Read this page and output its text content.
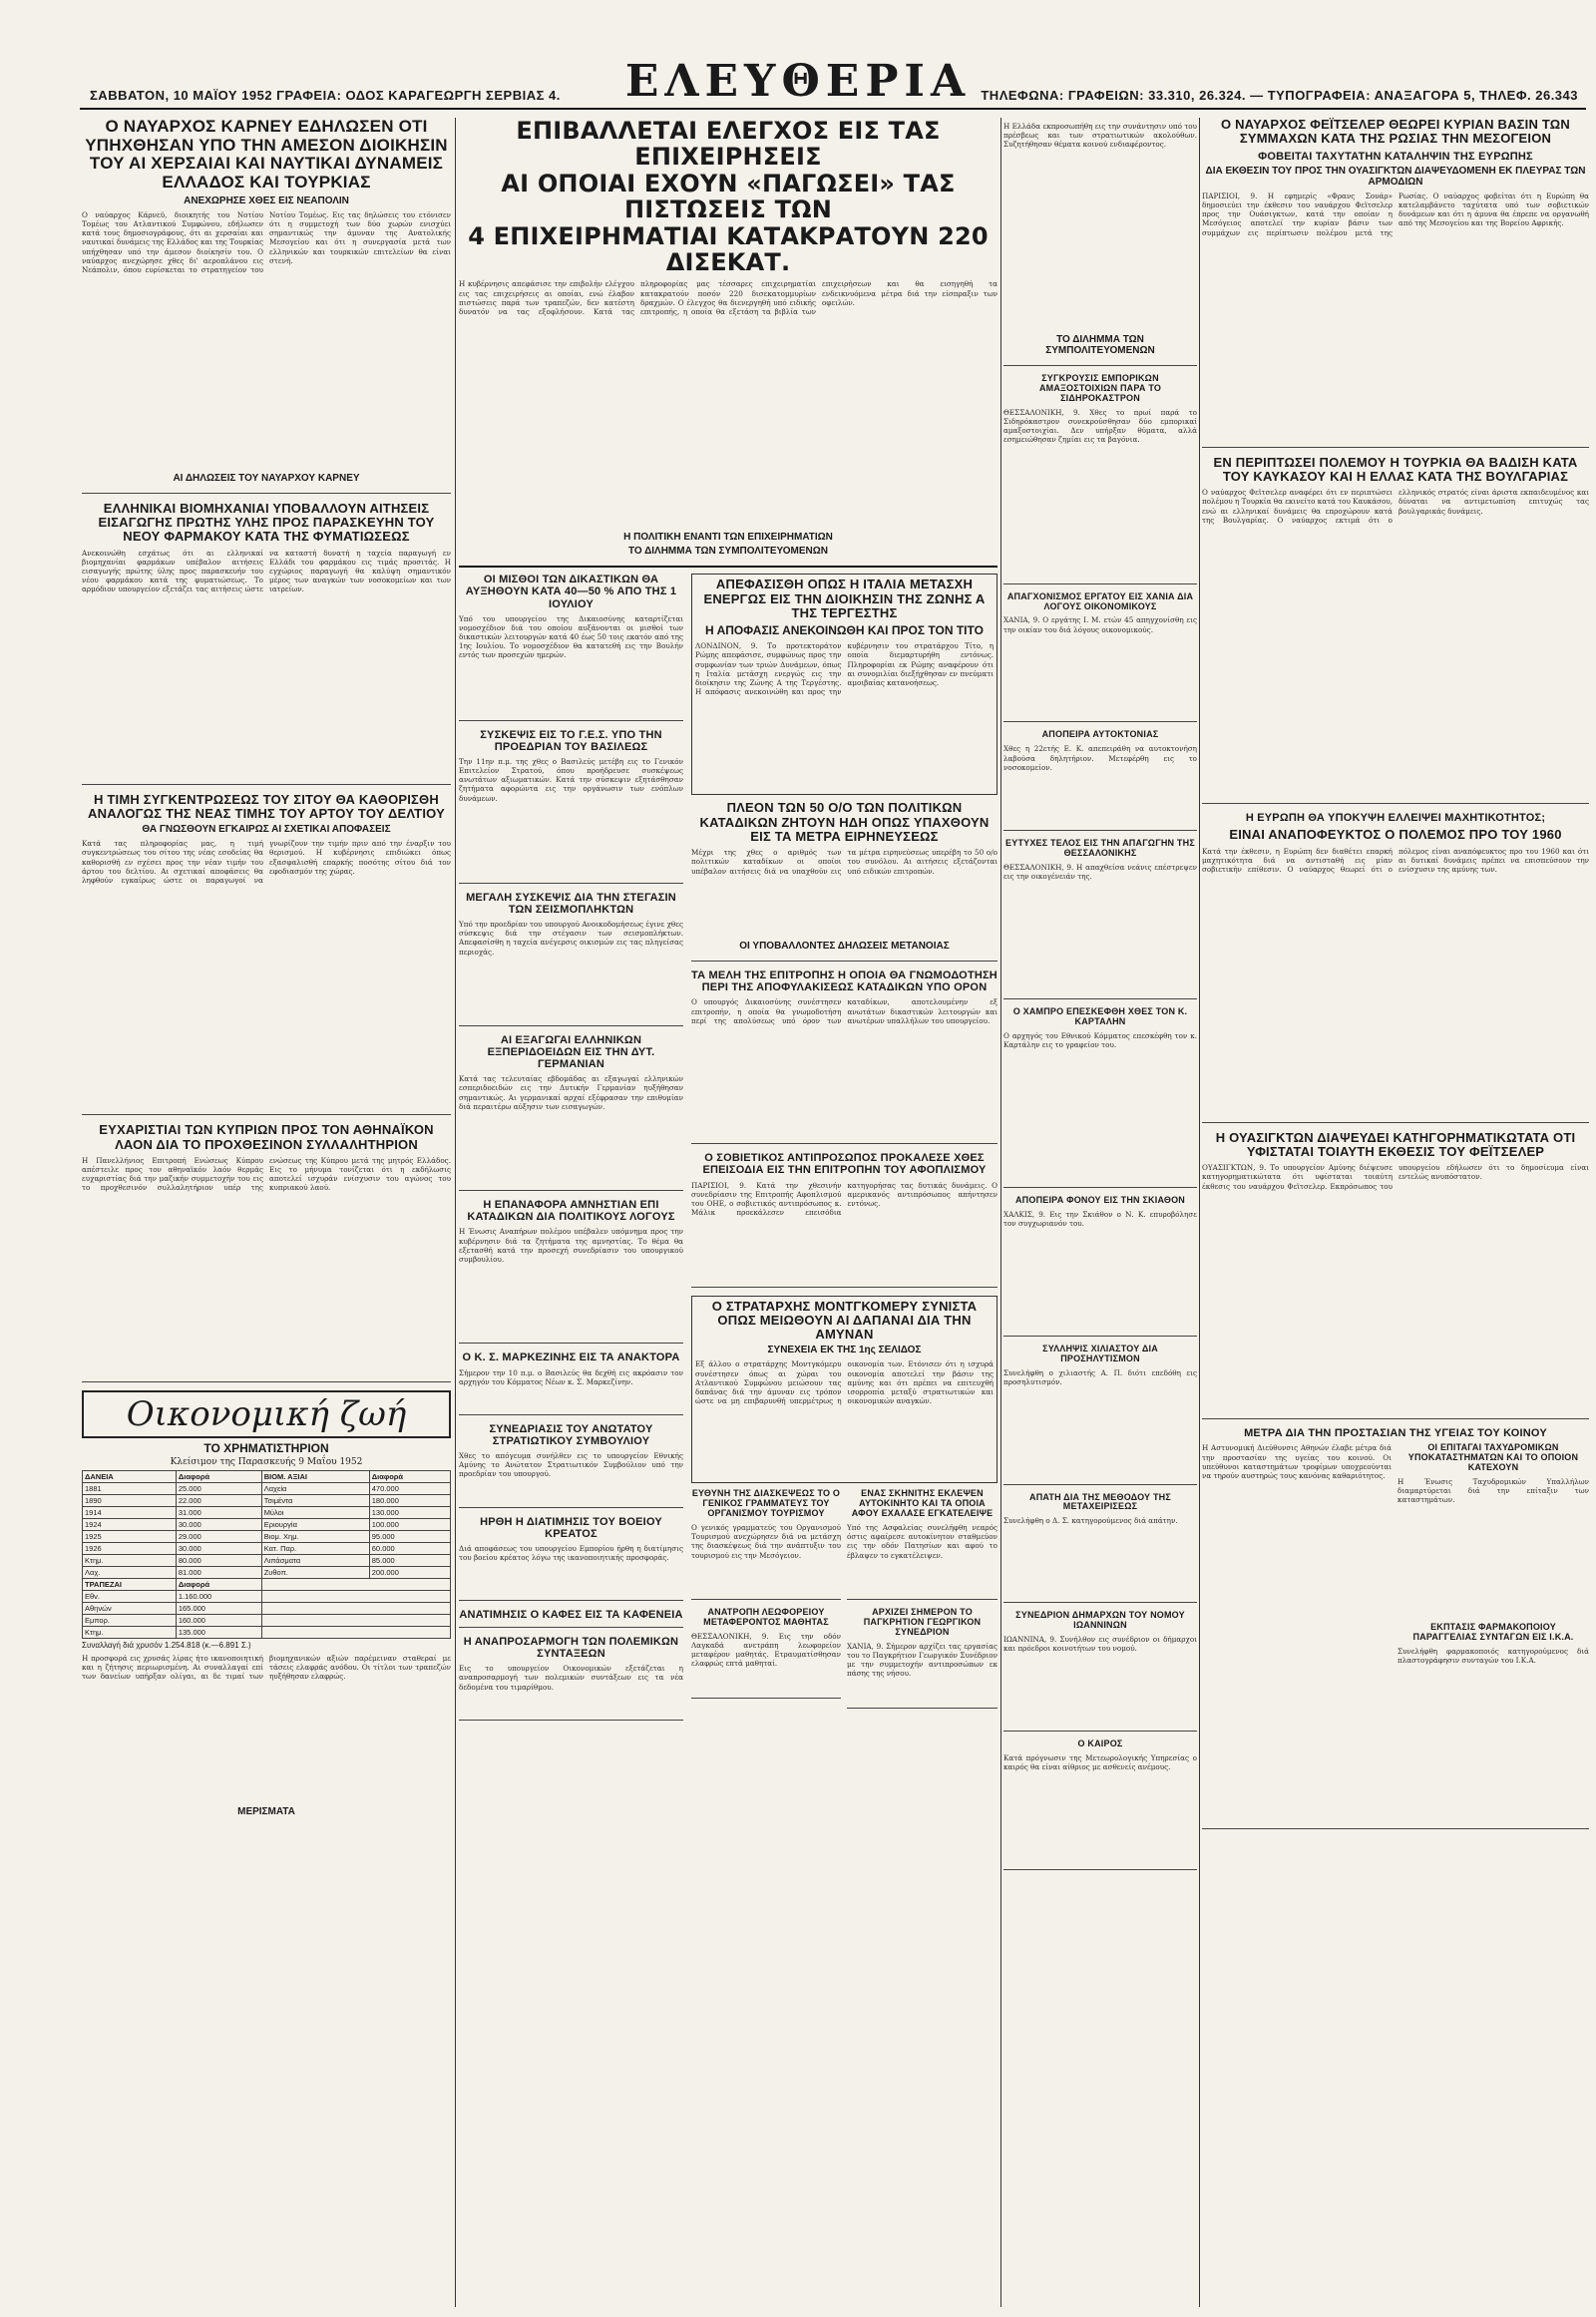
ΣΑΒΒΑΤΟΝ, 10 ΜΑΪΟΥ 1952 ΓΡΑΦΕΙΑ: ΟΔΟΣ ΚΑΡΑΓΕΩΡΓΗ ΣΕΡΒΙΑΣ 4.	ΕΛΕΥΘΕΡΙΑ ΤΗΛΕΦΩΝΑ: ΓΡΑΦΕΙΩΝ: 33.310, 26.324. — ΤΥΠΟΓΡΑΦΕΙΑ: ΑΝΑΞΑΓΟΡΑ 5, ΤΗΛΕΦ. 26.343
Ο ΝΑΥΑΡΧΟΣ ΚΑΡΝΕΥ ΕΔΗΛΩΣΕΝ ΟΤΙ ΥΠΗΧΘΗΣΑΝ ΥΠΟ ΤΗΝ ΑΜΕΣΟΝ ΔΙΟΙΚΗΣΙΝ ΤΟΥ ΑΙ ΧΕΡΣΑΙΑΙ ΚΑΙ ΝΑΥΤΙΚΑΙ ΔΥΝΑΜΕΙΣ ΕΛΛΑΔΟΣ ΚΑΙ ΤΟΥΡΚΙΑΣ
ΑΝΕΧΩΡΗΣΕ ΧΘΕΣ ΕΙΣ ΝΕΑΠΟΛΙΝ
Ο ναύαρχος Κάρνεϋ, διοικητής του Νοτίου Τομέως του Ατλαντικού Συμφώνου, εδήλωσεν κατά τους δημοσιογράφους, ότι αι χερσαίαι και ναυτικαί δυνάμεις της Ελλάδος και της Τουρκίας υπήχθησαν υπό την άμεσον διοίκησίν του. Ο ναύαρχος ανεχώρησε χθες δι' αεροπλάνου εις Νεάπολιν, όπου ευρίσκεται το στρατηγείον του Νοτίου Τομέως. Εις τας δηλώσεις του ετόνισεν ότι η συμμετοχή των δύο χωρών ενισχύει σημαντικώς την άμυναν της Ανατολικής Μεσογείου και ότι η συνεργασία μετά των ελληνικών και τουρκικών επιτελείων θα είναι στενή.
ΑΙ ΔΗΛΩΣΕΙΣ ΤΟΥ ΝΑΥΑΡΧΟΥ ΚΑΡΝΕΥ
ΕΛΛΗΝΙΚΑΙ ΒΙΟΜΗΧΑΝΙΑΙ ΥΠΟΒΑΛΛΟΥΝ ΑΙΤΗΣΕΙΣ ΕΙΣΑΓΩΓΗΣ ΠΡΩΤΗΣ ΥΛΗΣ ΠΡΟΣ ΠΑΡΑΣΚΕΥΗΝ ΤΟΥ ΝΕΟΥ ΦΑΡΜΑΚΟΥ ΚΑΤΑ ΤΗΣ ΦΥΜΑΤΙΩΣΕΩΣ
Ανεκοινώθη εσχάτως ότι αι ελληνικαί βιομηχανίαι φαρμάκων υπέβαλον αιτήσεις εισαγωγής πρώτης ύλης προς παρασκευήν του νέου φαρμάκου κατά της φυματιώσεως. Το αρμόδιον υπουργείον εξετάζει τας αιτήσεις ώστε να καταστή δυνατή η ταχεία παραγωγή εν Ελλάδι του φαρμάκου εις τιμάς προσιτάς. Η εγχώριος παραγωγή θα καλύψη σημαντικόν μέρος των αναγκών των νοσοκομείων και των ιατρείων.
Η ΤΙΜΗ ΣΥΓΚΕΝΤΡΩΣΕΩΣ ΤΟΥ ΣΙΤΟΥ ΘΑ ΚΑΘΟΡΙΣΘΗ ΑΝΑΛΟΓΩΣ ΤΗΣ ΝΕΑΣ ΤΙΜΗΣ ΤΟΥ ΑΡΤΟΥ ΤΟΥ ΔΕΛΤΙΟΥ
ΘΑ ΓΝΩΣΘΟΥΝ ΕΓΚΑΙΡΩΣ ΑΙ ΣΧΕΤΙΚΑΙ ΑΠΟΦΑΣΕΙΣ
Κατά τας πληροφορίας μας, η τιμή συγκεντρώσεως του σίτου της νέας εσοδείας θα καθορισθή εν σχέσει προς την νέαν τιμήν του άρτου του δελτίου. Αι σχετικαί αποφάσεις θα ληφθούν εγκαίρως ώστε οι παραγωγοί να γνωρίζουν την τιμήν πριν από την έναρξιν του θερισμού. Η κυβέρνησις επιδιώκει όπως εξασφαλισθή επαρκής ποσότης σίτου διά τον εφοδιασμόν της χώρας.
ΕΥΧΑΡΙΣΤΙΑΙ ΤΩΝ ΚΥΠΡΙΩΝ ΠΡΟΣ ΤΟΝ ΑΘΗΝΑΪΚΟΝ ΛΑΟΝ ΔΙΑ ΤΟ ΠΡΟΧΘΕΣΙΝΟΝ ΣΥΛΛΑΛΗΤΗΡΙΟΝ
Η Πανελλήνιος Επιτροπή Ενώσεως Κύπρου απέστειλε προς τον αθηναϊκόν λαόν θερμάς ευχαριστίας διά την μαζικήν συμμετοχήν του εις το προχθεσινόν συλλαλητήριον υπέρ της ενώσεως της Κύπρου μετά της μητρός Ελλάδος. Εις το μήνυμα τονίζεται ότι η εκδήλωσις αποτελεί ισχυράν ενίσχυσιν του αγώνος του κυπριακού λαού.
Οικονομική ζωή
ΤΟ ΧΡΗΜΑΤΙΣΤΗΡΙΟΝ
Κλείσιμον της Παρασκευής 9 Μαΐου 1952
ΔΑΝΕΙΑ	Διαφορά	ΒΙΟΜ. ΑΞΙΑΙ	Διαφορά
1881	25.000	Λαχεία	470.000
1890	22.000	Τσιμέντα	180.000
1914	31.000	Μύλοι	130.000
1924	30.000	Εριουργία	100.000
1925	29.000	Βιομ. Χημ.	95.000
1926	30.000	Κατ. Παρ.	60.000
Κτημ.	80.000	Λιπάσματα	85.000
Λαχ.	81.000	Ζυθοπ.	200.000
ΤΡΑΠΕΖΑΙ	Διαφορά		
Εθν.	1.160.000		
Αθηνών	165.000		
Εμπορ.	160.000		
Κτημ.	135.000		
Συναλλαγή διά χρυσόν 1.254.818 (κ.—6.891 Σ.)
Η προσφορά εις χρυσάς λίρας ήτο ικανοποιητική και η ζήτησις περιωρισμένη. Αι συναλλαγαί επί των δανείων υπήρξαν ολίγαι, αι δε τιμαί των βιομηχανικών αξιών παρέμειναν σταθεραί με τάσεις ελαφράς ανόδου. Οι τίτλοι των τραπεζών ηυξήθησαν ελαφρώς.
ΜΕΡΙΣΜΑΤΑ
ΕΠΙΒΑΛΛΕΤΑΙ ΕΛΕΓΧΟΣ ΕΙΣ ΤΑΣ ΕΠΙΧΕΙΡΗΣΕΙΣ
ΑΙ ΟΠΟΙΑΙ ΕΧΟΥΝ «ΠΑΓΩΣΕΙ» ΤΑΣ ΠΙΣΤΩΣΕΙΣ ΤΩΝ
4 ΕΠΙΧΕΙΡΗΜΑΤΙΑΙ ΚΑΤΑΚΡΑΤΟΥΝ 220 ΔΙΣΕΚΑΤ.
Η κυβέρνησις απεφάσισε την επιβολήν ελέγχου εις τας επιχειρήσεις αι οποίαι, ενώ έλαβον πιστώσεις παρά των τραπεζών, δεν κατέστη δυνατόν να τας εξοφλήσουν. Κατά τας πληροφορίας μας τέσσαρες επιχειρηματίαι κατακρατούν ποσόν 220 δισεκατομμυρίων δραχμών. Ο έλεγχος θα διενεργηθή υπό ειδικής επιτροπής, η οποία θα εξετάση τα βιβλία των επιχειρήσεων και θα εισηγηθή τα ενδεικνυόμενα μέτρα διά την είσπραξιν των οφειλών.
Η ΠΟΛΙΤΙΚΗ ΕΝΑΝΤΙ ΤΩΝ ΕΠΙΧΕΙΡΗΜΑΤΙΩΝ
ΤΟ ΔΙΛΗΜΜΑ ΤΩΝ ΣΥΜΠΟΛΙΤΕΥΟΜΕΝΩΝ
ΟΙ ΜΙΣΘΟΙ ΤΩΝ ΔΙΚΑΣΤΙΚΩΝ ΘΑ ΑΥΞΗΘΟΥΝ ΚΑΤΑ 40—50 % ΑΠΟ ΤΗΣ 1 ΙΟΥΛΙΟΥ
Υπό του υπουργείου της Δικαιοσύνης καταρτίζεται νομοσχέδιον διά του οποίου αυξάνονται οι μισθοί των δικαστικών λειτουργών κατά 40 έως 50 τοις εκατόν από της 1ης Ιουλίου. Το νομοσχέδιον θα κατατεθή εις την Βουλήν εντός των προσεχών ημερών.
ΣΥΣΚΕΨΙΣ ΕΙΣ ΤΟ Γ.Ε.Σ. ΥΠΟ ΤΗΝ ΠΡΟΕΔΡΙΑΝ ΤΟΥ ΒΑΣΙΛΕΩΣ
Την 11ην π.μ. της χθες ο Βασιλεύς μετέβη εις το Γενικόν Επιτελείον Στρατού, όπου προήδρευσε συσκέψεως ανωτάτων αξιωματικών. Κατά την σύσκεψιν εξητάσθησαν ζητήματα αφορώντα εις την οργάνωσιν των ενόπλων δυνάμεων.
ΜΕΓΑΛΗ ΣΥΣΚΕΨΙΣ ΔΙΑ ΤΗΝ ΣΤΕΓΑΣΙΝ ΤΩΝ ΣΕΙΣΜΟΠΛΗΚΤΩΝ
Υπό την προεδρίαν του υπουργού Ανοικοδομήσεως έγινε χθες σύσκεψις διά την στέγασιν των σεισμοπλήκτων. Απεφασίσθη η ταχεία ανέγερσις οικισμών εις τας πληγείσας περιοχάς.
ΑΙ ΕΞΑΓΩΓΑΙ ΕΛΛΗΝΙΚΩΝ ΕΞΠΕΡΙΔΟΕΙΔΩΝ ΕΙΣ ΤΗΝ ΔΥΤ. ΓΕΡΜΑΝΙΑΝ
Κατά τας τελευταίας εβδομάδας αι εξαγωγαί ελληνικών εσπεριδοειδών εις την Δυτικήν Γερμανίαν ηυξήθησαν σημαντικώς. Αι γερμανικαί αρχαί εξέφρασαν την επιθυμίαν διά περαιτέρω αύξησιν των εισαγωγών.
Η ΕΠΑΝΑΦΟΡΑ ΑΜΝΗΣΤΙΑΝ ΕΠΙ ΚΑΤΑΔΙΚΩΝ ΔΙΑ ΠΟΛΙΤΙΚΟΥΣ ΛΟΓΟΥΣ
Η Ένωσις Αναπήρων πολέμου υπέβαλεν υπόμνημα προς την κυβέρνησιν διά τα ζητήματα της αμνηστίας. Το θέμα θα εξετασθή κατά την προσεχή συνεδρίασιν του υπουργικού συμβουλίου.
Ο Κ. Σ. ΜΑΡΚΕΖΙΝΗΣ ΕΙΣ ΤΑ ΑΝΑΚΤΟΡΑ
Σήμερον την 10 π.μ. ο Βασιλεύς θα δεχθή εις ακρόασιν τον αρχηγόν του Κόμματος Νέων κ. Σ. Μαρκεζίνην.
ΣΥΝΕΔΡΙΑΣΙΣ ΤΟΥ ΑΝΩΤΑΤΟΥ ΣΤΡΑΤΙΩΤΙΚΟΥ ΣΥΜΒΟΥΛΙΟΥ
Χθες το απόγευμα συνήλθεν εις το υπουργείον Εθνικής Αμύνης το Ανώτατον Στρατιωτικόν Συμβούλιον υπό την προεδρίαν του υπουργού.
ΗΡΘΗ Η ΔΙΑΤΙΜΗΣΙΣ ΤΟΥ ΒΟΕΙΟΥ ΚΡΕΑΤΟΣ
Διά αποφάσεως του υπουργείου Εμπορίου ήρθη η διατίμησις του βοείου κρέατος λόγω της ικανοποιητικής προσφοράς.
ΑΝΑΤΙΜΗΣΙΣ Ο ΚΑΦΕΣ ΕΙΣ ΤΑ ΚΑΦΕΝΕΙΑ
Η ΑΝΑΠΡΟΣΑΡΜΟΓΗ ΤΩΝ ΠΟΛΕΜΙΚΩΝ ΣΥΝΤΑΞΕΩΝ
Εις το υπουργείον Οικονομικών εξετάζεται η αναπροσαρμογή των πολεμικών συντάξεων εις τα νέα δεδομένα του τιμαρίθμου.
ΑΠΕΦΑΣΙΣΘΗ ΟΠΩΣ Η ΙΤΑΛΙΑ ΜΕΤΑΣΧΗ ΕΝΕΡΓΩΣ ΕΙΣ ΤΗΝ ΔΙΟΙΚΗΣΙΝ ΤΗΣ ΖΩΝΗΣ Α ΤΗΣ ΤΕΡΓΕΣΤΗΣ
Η ΑΠΟΦΑΣΙΣ ΑΝΕΚΟΙΝΩΘΗ ΚΑΙ ΠΡΟΣ ΤΟΝ ΤΙΤΟ
ΛΟΝΔΙΝΟΝ, 9. Το προτεκτοράτον Ρώμης απεφάσισε, συμφώνως προς την συμφωνίαν των τριών Δυνάμεων, όπως η Ιταλία μετάσχη ενεργώς εις την διοίκησιν της Ζώνης Α της Τεργέστης. Η απόφασις ανεκοινώθη και προς την κυβέρνησιν του στρατάρχου Τίτο, η οποία διεμαρτυρήθη εντόνως. Πληροφορίαι εκ Ρώμης αναφέρουν ότι αι συνομιλίαι διεξήχθησαν εν πνεύματι αμοιβαίας κατανοήσεως.
ΠΛΕΟΝ ΤΩΝ 50 Ο/Ο ΤΩΝ ΠΟΛΙΤΙΚΩΝ ΚΑΤΑΔΙΚΩΝ ΖΗΤΟΥΝ ΗΔΗ ΟΠΩΣ ΥΠΑΧΘΟΥΝ ΕΙΣ ΤΑ ΜΕΤΡΑ ΕΙΡΗΝΕΥΣΕΩΣ
Μέχρι της χθες ο αριθμός των πολιτικών καταδίκων οι οποίοι υπέβαλον αιτήσεις διά να υπαχθούν εις τα μέτρα ειρηνεύσεως υπερέβη το 50 ο/ο του συνόλου. Αι αιτήσεις εξετάζονται υπό ειδικών επιτροπών.
ΟΙ ΥΠΟΒΑΛΛΟΝΤΕΣ ΔΗΛΩΣΕΙΣ ΜΕΤΑΝΟΙΑΣ
ΤΑ ΜΕΛΗ ΤΗΣ ΕΠΙΤΡΟΠΗΣ Η ΟΠΟΙΑ ΘΑ ΓΝΩΜΟΔΟΤΗΣΗ ΠΕΡΙ ΤΗΣ ΑΠΟΦΥΛΑΚΙΣΕΩΣ ΚΑΤΑΔΙΚΩΝ ΥΠΟ ΟΡΟΝ
Ο υπουργός Δικαιοσύνης συνέστησεν επιτροπήν, η οποία θα γνωμοδοτήση περί της απολύσεως υπό όρον των καταδίκων, αποτελουμένην εξ ανωτάτων δικαστικών λειτουργών και ανωτέρων υπαλλήλων του υπουργείου.
Ο ΣΟΒΙΕΤΙΚΟΣ ΑΝΤΙΠΡΟΣΩΠΟΣ ΠΡΟΚΑΛΕΣΕ ΧΘΕΣ ΕΠΕΙΣΟΔΙΑ ΕΙΣ ΤΗΝ ΕΠΙΤΡΟΠΗΝ ΤΟΥ ΑΦΟΠΛΙΣΜΟΥ
ΠΑΡΙΣΙΟΙ, 9. Κατά την χθεσινήν συνεδρίασιν της Επιτροπής Αφοπλισμού του ΟΗΕ, ο σοβιετικός αντιπρόσωπος κ. Μάλικ προεκάλεσεν επεισόδια κατηγορήσας τας δυτικάς δυνάμεις. Ο αμερικανός αντιπρόσωπος απήντησεν εντόνως.
Ο ΣΤΡΑΤΑΡΧΗΣ ΜΟΝΤΓΚΟΜΕΡΥ ΣΥΝΙΣΤΑ ΟΠΩΣ ΜΕΙΩΘΟΥΝ ΑΙ ΔΑΠΑΝΑΙ ΔΙΑ ΤΗΝ ΑΜΥΝΑΝ
ΣΥΝΕΧΕΙΑ ΕΚ ΤΗΣ 1ης ΣΕΛΙΔΟΣ
Εξ άλλου ο στρατάρχης Μοντγκόμερυ συνέστησεν όπως αι χώραι του Ατλαντικού Συμφώνου μειώσουν τας δαπάνας διά την άμυναν εις τρόπον ώστε να μη επιβαρυνθή υπερμέτρως η οικονομία των. Ετόνισεν ότι η ισχυρά οικονομία αποτελεί την βάσιν της αμύνης και ότι πρέπει να επιτευχθή ισορροπία μεταξύ στρατιωτικών και οικονομικών αναγκών.
ΕΥΘΥΝΗ ΤΗΣ ΔΙΑΣΚΕΨΕΩΣ ΤΟ Ο ΓΕΝΙΚΟΣ ΓΡΑΜΜΑΤΕΥΣ ΤΟΥ ΟΡΓΑΝΙΣΜΟΥ ΤΟΥΡΙΣΜΟΥ
Ο γενικός γραμματεύς του Οργανισμού Τουρισμού ανεχώρησεν διά να μετάσχη της διασκέψεως διά την ανάπτυξιν του τουρισμού εις την Μεσόγειον.
ΑΝΑΤΡΟΠΗ ΛΕΩΦΟΡΕΙΟΥ ΜΕΤΑΦΕΡΟΝΤΟΣ ΜΑΘΗΤΑΣ
ΘΕΣΣΑΛΟΝΙΚΗ, 9. Εις την οδόν Λαγκαδά ανετράπη λεωφορείον μεταφέρον μαθητάς. Ετραυματίσθησαν ελαφρώς επτά μαθηταί.
ΕΝΑΣ ΣΚΗΝΙΤΗΣ ΕΚΛΕΨΕΝ ΑΥΤΟΚΙΝΗΤΟ ΚΑΙ ΤΑ ΟΠΟΙΑ ΑΦΟΥ ΕΧΑΛΑΣΕ ΕΓΚΑΤΕΛΕΙΨΕ
Υπό της Ασφαλείας συνελήφθη νεαρός όστις αφαίρεσε αυτοκίνητον σταθμεύον εις την οδόν Πατησίων και αφού το έβλαψεν το εγκατέλειψεν.
ΑΡΧΙΖΕΙ ΣΗΜΕΡΟΝ ΤΟ ΠΑΓΚΡΗΤΙΟΝ ΓΕΩΡΓΙΚΟΝ ΣΥΝΕΔΡΙΟΝ
ΧΑΝΙΑ, 9. Σήμερον αρχίζει τας εργασίας του το Παγκρήτιον Γεωργικόν Συνέδριον με την συμμετοχήν αντιπροσώπων εκ πάσης της νήσου.
Η Ελλάδα εκπροσωπήθη εις την συνάντησιν υπό του πρέσβεως και των στρατιωτικών ακολούθων. Συζητήθησαν θέματα κοινού ενδιαφέροντος.
ΤΟ ΔΙΛΗΜΜΑ ΤΩΝ ΣΥΜΠΟΛΙΤΕΥΟΜΕΝΩΝ
ΣΥΓΚΡΟΥΣΙΣ ΕΜΠΟΡΙΚΩΝ ΑΜΑΞΟΣΤΟΙΧΙΩΝ ΠΑΡΑ ΤΟ ΣΙΔΗΡΟΚΑΣΤΡΟΝ
ΘΕΣΣΑΛΟΝΙΚΗ, 9. Χθες το πρωί παρά το Σιδηρόκαστρον συνεκρούσθησαν δύο εμπορικαί αμαξοστοιχίαι. Δεν υπήρξαν θύματα, αλλά εσημειώθησαν ζημίαι εις τα βαγόνια.
ΑΠΑΓΧΟΝΙΣΜΟΣ ΕΡΓΑΤΟΥ ΕΙΣ ΧΑΝΙΑ ΔΙΑ ΛΟΓΟΥΣ ΟΙΚΟΝΟΜΙΚΟΥΣ
ΧΑΝΙΑ, 9. Ο εργάτης Ι. Μ. ετών 45 απηγχονίσθη εις την οικίαν του διά λόγους οικονομικούς.
ΑΠΟΠΕΙΡΑ ΑΥΤΟΚΤΟΝΙΑΣ
Χθες η 22ετής Ε. Κ. απεπειράθη να αυτοκτονήση λαβούσα δηλητήριον. Μετεφέρθη εις το νοσοκομείον.
ΕΥΤΥΧΕΣ ΤΕΛΟΣ ΕΙΣ ΤΗΝ ΑΠΑΓΩΓΗΝ ΤΗΣ ΘΕΣΣΑΛΟΝΙΚΗΣ
ΘΕΣΣΑΛΟΝΙΚΗ, 9. Η απαχθείσα νεάνις επέστρεψεν εις την οικογένειάν της.
Ο ΧΑΜΠΡΟ ΕΠΕΣΚΕΦΘΗ ΧΘΕΣ ΤΟΝ Κ. ΚΑΡΤΑΛΗΝ
Ο αρχηγός του Εθνικού Κόμματος επεσκέφθη τον κ. Καρτάλην εις το γραφείον του.
ΑΠΟΠΕΙΡΑ ΦΟΝΟΥ ΕΙΣ ΤΗΝ ΣΚΙΑΘΟΝ
ΧΑΛΚΙΣ, 9. Εις την Σκιάθον ο Ν. Κ. επυροβόλησε τον συγχωριανόν του.
ΣΥΛΛΗΨΙΣ ΧΙΛΙΑΣΤΟΥ ΔΙΑ ΠΡΟΣΗΛΥΤΙΣΜΟΝ
Συνελήφθη ο χιλιαστής Α. Π. διότι επεδόθη εις προσηλυτισμόν.
ΑΠΑΤΗ ΔΙΑ ΤΗΣ ΜΕΘΟΔΟΥ ΤΗΣ ΜΕΤΑΧΕΙΡΙΣΕΩΣ
Συνελήφθη ο Δ. Σ. κατηγορούμενος διά απάτην.
ΣΥΝΕΔΡΙΟΝ ΔΗΜΑΡΧΩΝ ΤΟΥ ΝΟΜΟΥ ΙΩΑΝΝΙΝΩΝ
ΙΩΑΝΝΙΝΑ, 9. Συνήλθον εις συνέδριον οι δήμαρχοι και πρόεδροι κοινοτήτων του νομού.
Ο ΚΑΙΡΟΣ
Κατά πρόγνωσιν της Μετεωρολογικής Υπηρεσίας ο καιρός θα είναι αίθριος με ασθενείς ανέμους.
Ο ΝΑΥΑΡΧΟΣ ΦΕΪΤΣΕΛΕΡ ΘΕΩΡΕΙ ΚΥΡΙΑΝ ΒΑΣΙΝ ΤΩΝ ΣΥΜΜΑΧΩΝ ΚΑΤΑ ΤΗΣ ΡΩΣΙΑΣ ΤΗΝ ΜΕΣΟΓΕΙΟΝ
ΦΟΒΕΙΤΑΙ ΤΑΧΥΤΑΤΗΝ ΚΑΤΑΛΗΨΙΝ ΤΗΣ ΕΥΡΩΠΗΣ
ΔΙΑ ΕΚΘΕΣΙΝ ΤΟΥ ΠΡΟΣ ΤΗΝ ΟΥΑΣΙΓΚΤΩΝ ΔΙΑΨΕΥΔΟΜΕΝΗ ΕΚ ΠΛΕΥΡΑΣ ΤΩΝ ΑΡΜΟΔΙΩΝ
ΠΑΡΙΣΙΟΙ, 9. Η εφημερίς «Φρανς Σουάρ» δημοσιεύει την έκθεσιν του ναυάρχου Φεϊτσελερ προς την Ουάσιγκτων, κατά την οποίαν η Μεσόγειος αποτελεί την κυρίαν βάσιν των συμμάχων εις περίπτωσιν πολέμου μετά της Ρωσίας. Ο ναύαρχος φοβείται ότι η Ευρώπη θα κατελαμβάνετο ταχύτατα υπό των σοβιετικών δυνάμεων και ότι η άμυνα θα έπρεπε να οργανωθή από της Μεσογείου και της Βορείου Αφρικής.
ΕΝ ΠΕΡΙΠΤΩΣΕΙ ΠΟΛΕΜΟΥ Η ΤΟΥΡΚΙΑ ΘΑ ΒΑΔΙΣΗ ΚΑΤΑ ΤΟΥ ΚΑΥΚΑΣΟΥ ΚΑΙ Η ΕΛΛΑΣ ΚΑΤΑ ΤΗΣ ΒΟΥΛΓΑΡΙΑΣ
Ο ναύαρχος Φεϊτσελερ αναφέρει ότι εν περιπτώσει πολέμου η Τουρκία θα εκινείτο κατά του Καυκάσου, ενώ αι ελληνικαί δυνάμεις θα επροχώρουν κατά της Βουλγαρίας. Ο ναύαρχος εκτιμά ότι ο ελληνικός στρατός είναι άριστα εκπαιδευμένος και δύναται να αντιμετωπίση επιτυχώς τας βουλγαρικάς δυνάμεις.
Η ΕΥΡΩΠΗ ΘΑ ΥΠΟΚΥΨΗ ΕΛΛΕΙΨΕΙ ΜΑΧΗΤΙΚΟΤΗΤΟΣ;
ΕΙΝΑΙ ΑΝΑΠΟΦΕΥΚΤΟΣ Ο ΠΟΛΕΜΟΣ ΠΡΟ ΤΟΥ 1960
Κατά την έκθεσιν, η Ευρώπη δεν διαθέτει επαρκή μαχητικότητα διά να αντισταθή εις μίαν σοβιετικήν επίθεσιν. Ο ναύαρχος θεωρεί ότι ο πόλεμος είναι αναπόφευκτος προ του 1960 και ότι αι δυτικαί δυνάμεις πρέπει να επισπεύσουν την ενίσχυσιν της αμύνης των.
Η ΟΥΑΣΙΓΚΤΩΝ ΔΙΑΨΕΥΔΕΙ ΚΑΤΗΓΟΡΗΜΑΤΙΚΩΤΑΤΑ ΟΤΙ ΥΦΙΣΤΑΤΑΙ ΤΟΙΑΥΤΗ ΕΚΘΕΣΙΣ ΤΟΥ ΦΕΪΤΣΕΛΕΡ
ΟΥΑΣΙΓΚΤΩΝ, 9. Το υπουργείον Αμύνης διέψευσε κατηγορηματικώτατα ότι υφίσταται τοιαύτη έκθεσις του ναυάρχου Φεϊτσελερ. Εκπρόσωπος του υπουργείου εδήλωσεν ότι το δημοσίευμα είναι εντελώς ανυπόστατον.
ΜΕΤΡΑ ΔΙΑ ΤΗΝ ΠΡΟΣΤΑΣΙΑΝ ΤΗΣ ΥΓΕΙΑΣ ΤΟΥ ΚΟΙΝΟΥ
Η Αστυνομική Διεύθυνσις Αθηνών έλαβε μέτρα διά την προστασίαν της υγείας του κοινού. Οι υπεύθυνοι καταστημάτων τροφίμων υποχρεούνται να τηρούν αυστηρώς τους κανόνας καθαριότητος.
ΟΙ ΕΠΙΤΑΓΑΙ ΤΑΧΥΔΡΟΜΙΚΩΝ ΥΠΟΚΑΤΑΣΤΗΜΑΤΩΝ ΚΑΙ ΤΟ ΟΠΟΙΟΝ ΚΑΤΕΧΟΥΝ
Η Ένωσις Ταχυδρομικών Υπαλλήλων διαμαρτύρεται διά την επίταξιν των καταστημάτων.
ΕΚΠΤΑΣΙΣ ΦΑΡΜΑΚΟΠΟΙΟΥ ΠΑΡΑΓΓΕΛΙΑΣ ΣΥΝΤΑΓΩΝ ΕΙΣ Ι.Κ.Α.
Συνελήφθη φαρμακοποιός κατηγορούμενος διά πλαστογράφησιν συνταγών του Ι.Κ.Α.
